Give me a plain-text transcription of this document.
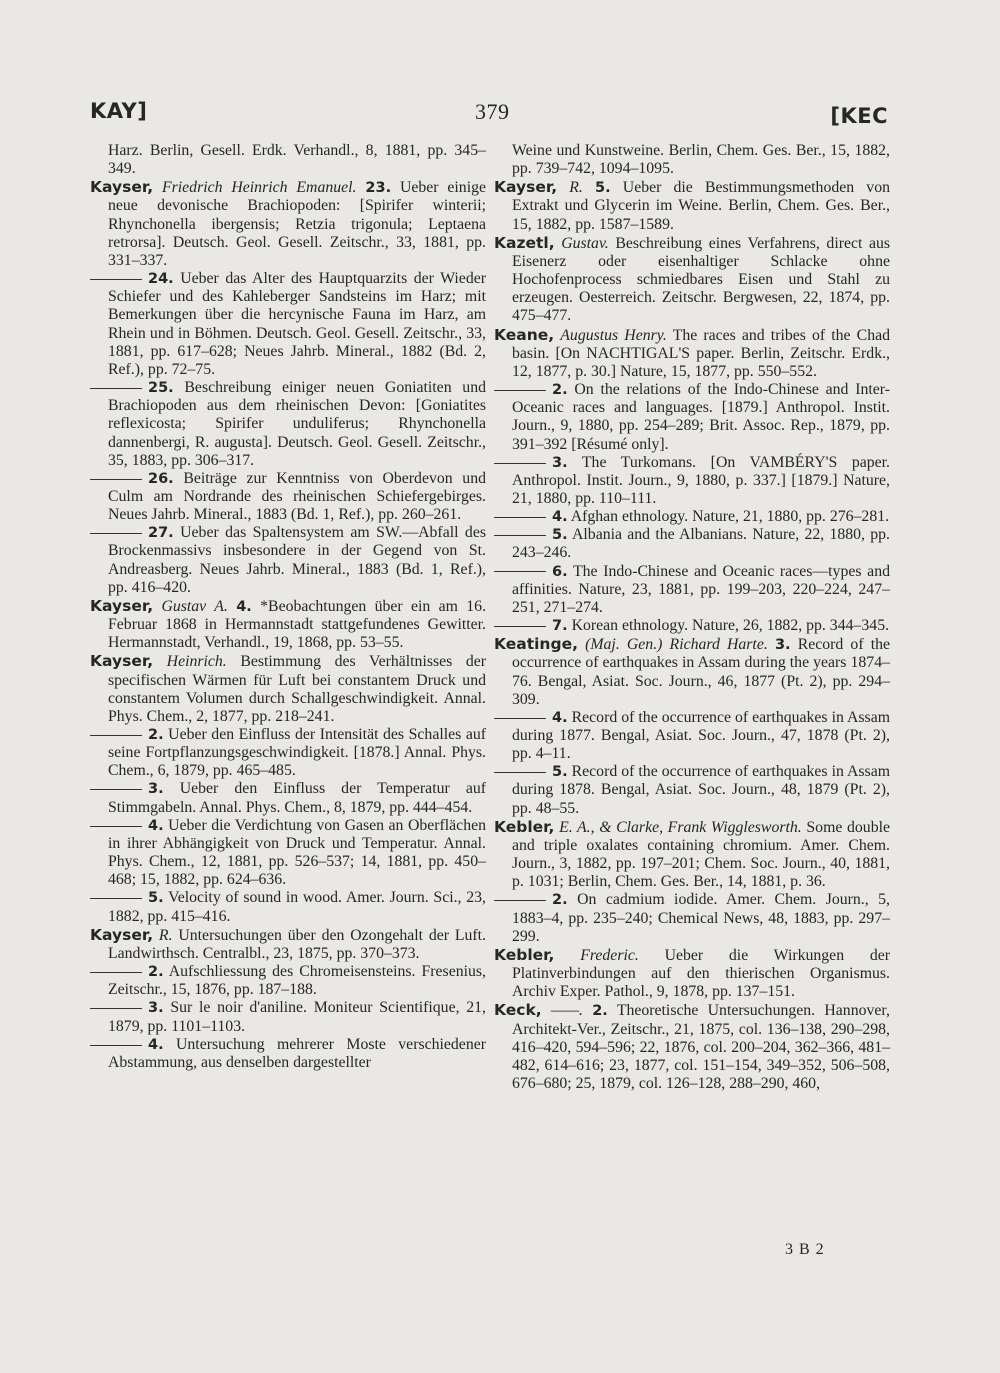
KAY]	379	[KEC

Harz. Berlin, Gesell. Erdk. Verhandl., 8, 1881, pp. 345–349.

Kayser, Friedrich Heinrich Emanuel. 23. Ueber einige neue devonische Brachiopoden: [Spirifer winterii; Rhynchonella ibergensis; Retzia trigonula; Leptaena retrorsa]. Deutsch. Geol. Gesell. Zeitschr., 33, 1881, pp. 331–337.

24. Ueber das Alter des Hauptquarzits der Wieder Schiefer und des Kahleberger Sandsteins im Harz; mit Bemerkungen über die hercynische Fauna im Harz, am Rhein und in Böhmen. Deutsch. Geol. Gesell. Zeitschr., 33, 1881, pp. 617–628; Neues Jahrb. Mineral., 1882 (Bd. 2, Ref.), pp. 72–75.

25. Beschreibung einiger neuen Goniatiten und Brachiopoden aus dem rheinischen Devon: [Goniatites reflexicosta; Spirifer unduliferus; Rhynchonella dannenbergi, R. augusta]. Deutsch. Geol. Gesell. Zeitschr., 35, 1883, pp. 306–317.

26. Beiträge zur Kenntniss von Oberdevon und Culm am Nordrande des rheinischen Schiefergebirges. Neues Jahrb. Mineral., 1883 (Bd. 1, Ref.), pp. 260–261.

27. Ueber das Spaltensystem am SW.—Abfall des Brockenmassivs insbesondere in der Gegend von St. Andreasberg. Neues Jahrb. Mineral., 1883 (Bd. 1, Ref.), pp. 416–420.

Kayser, Gustav A. 4. *Beobachtungen über ein am 16. Februar 1868 in Hermannstadt stattgefundenes Gewitter. Hermannstadt, Verhandl., 19, 1868, pp. 53–55.

Kayser, Heinrich. Bestimmung des Verhältnisses der specifischen Wärmen für Luft bei constantem Druck und constantem Volumen durch Schallgeschwindigkeit. Annal. Phys. Chem., 2, 1877, pp. 218–241.

2. Ueber den Einfluss der Intensität des Schalles auf seine Fortpflanzungsgeschwindigkeit. [1878.] Annal. Phys. Chem., 6, 1879, pp. 465–485.

3. Ueber den Einfluss der Temperatur auf Stimmgabeln. Annal. Phys. Chem., 8, 1879, pp. 444–454.

4. Ueber die Verdichtung von Gasen an Oberflächen in ihrer Abhängigkeit von Druck und Temperatur. Annal. Phys. Chem., 12, 1881, pp. 526–537; 14, 1881, pp. 450–468; 15, 1882, pp. 624–636.

5. Velocity of sound in wood. Amer. Journ. Sci., 23, 1882, pp. 415–416.

Kayser, R. Untersuchungen über den Ozongehalt der Luft. Landwirthsch. Centralbl., 23, 1875, pp. 370–373.

2. Aufschliessung des Chromeisensteins. Fresenius, Zeitschr., 15, 1876, pp. 187–188.

3. Sur le noir d'aniline. Moniteur Scientifique, 21, 1879, pp. 1101–1103.

4. Untersuchung mehrerer Moste verschiedener Abstammung, aus denselben dargestellter

Weine und Kunstweine. Berlin, Chem. Ges. Ber., 15, 1882, pp. 739–742, 1094–1095.

Kayser, R. 5. Ueber die Bestimmungsmethoden von Extrakt und Glycerin im Weine. Berlin, Chem. Ges. Ber., 15, 1882, pp. 1587–1589.

Kazetl, Gustav. Beschreibung eines Verfahrens, direct aus Eisenerz oder eisenhaltiger Schlacke ohne Hochofenprocess schmiedbares Eisen und Stahl zu erzeugen. Oesterreich. Zeitschr. Bergwesen, 22, 1874, pp. 475–477.

Keane, Augustus Henry. The races and tribes of the Chad basin. [On NACHTIGAL'S paper. Berlin, Zeitschr. Erdk., 12, 1877, p. 30.] Nature, 15, 1877, pp. 550–552.

2. On the relations of the Indo-Chinese and Inter-Oceanic races and languages. [1879.] Anthropol. Instit. Journ., 9, 1880, pp. 254–289; Brit. Assoc. Rep., 1879, pp. 391–392 [Résumé only].

3. The Turkomans. [On VAMBÉRY'S paper. Anthropol. Instit. Journ., 9, 1880, p. 337.] [1879.] Nature, 21, 1880, pp. 110–111.

4. Afghan ethnology. Nature, 21, 1880, pp. 276–281.

5. Albania and the Albanians. Nature, 22, 1880, pp. 243–246.

6. The Indo-Chinese and Oceanic races—types and affinities. Nature, 23, 1881, pp. 199–203, 220–224, 247–251, 271–274.

7. Korean ethnology. Nature, 26, 1882, pp. 344–345.

Keatinge, (Maj. Gen.) Richard Harte. 3. Record of the occurrence of earthquakes in Assam during the years 1874–76. Bengal, Asiat. Soc. Journ., 46, 1877 (Pt. 2), pp. 294–309.

4. Record of the occurrence of earthquakes in Assam during 1877. Bengal, Asiat. Soc. Journ., 47, 1878 (Pt. 2), pp. 4–11.

5. Record of the occurrence of earthquakes in Assam during 1878. Bengal, Asiat. Soc. Journ., 48, 1879 (Pt. 2), pp. 48–55.

Kebler, E. A., & Clarke, Frank Wigglesworth. Some double and triple oxalates containing chromium. Amer. Chem. Journ., 3, 1882, pp. 197–201; Chem. Soc. Journ., 40, 1881, p. 1031; Berlin, Chem. Ges. Ber., 14, 1881, p. 36.

2. On cadmium iodide. Amer. Chem. Journ., 5, 1883–4, pp. 235–240; Chemical News, 48, 1883, pp. 297–299.

Kebler, Frederic. Ueber die Wirkungen der Platinverbindungen auf den thierischen Organismus. Archiv Exper. Pathol., 9, 1878, pp. 137–151.

Keck, ——. 2. Theoretische Untersuchungen. Hannover, Architekt-Ver., Zeitschr., 21, 1875, col. 136–138, 290–298, 416–420, 594–596; 22, 1876, col. 200–204, 362–366, 481–482, 614–616; 23, 1877, col. 151–154, 349–352, 506–508, 676–680; 25, 1879, col. 126–128, 288–290, 460,

3 B 2
